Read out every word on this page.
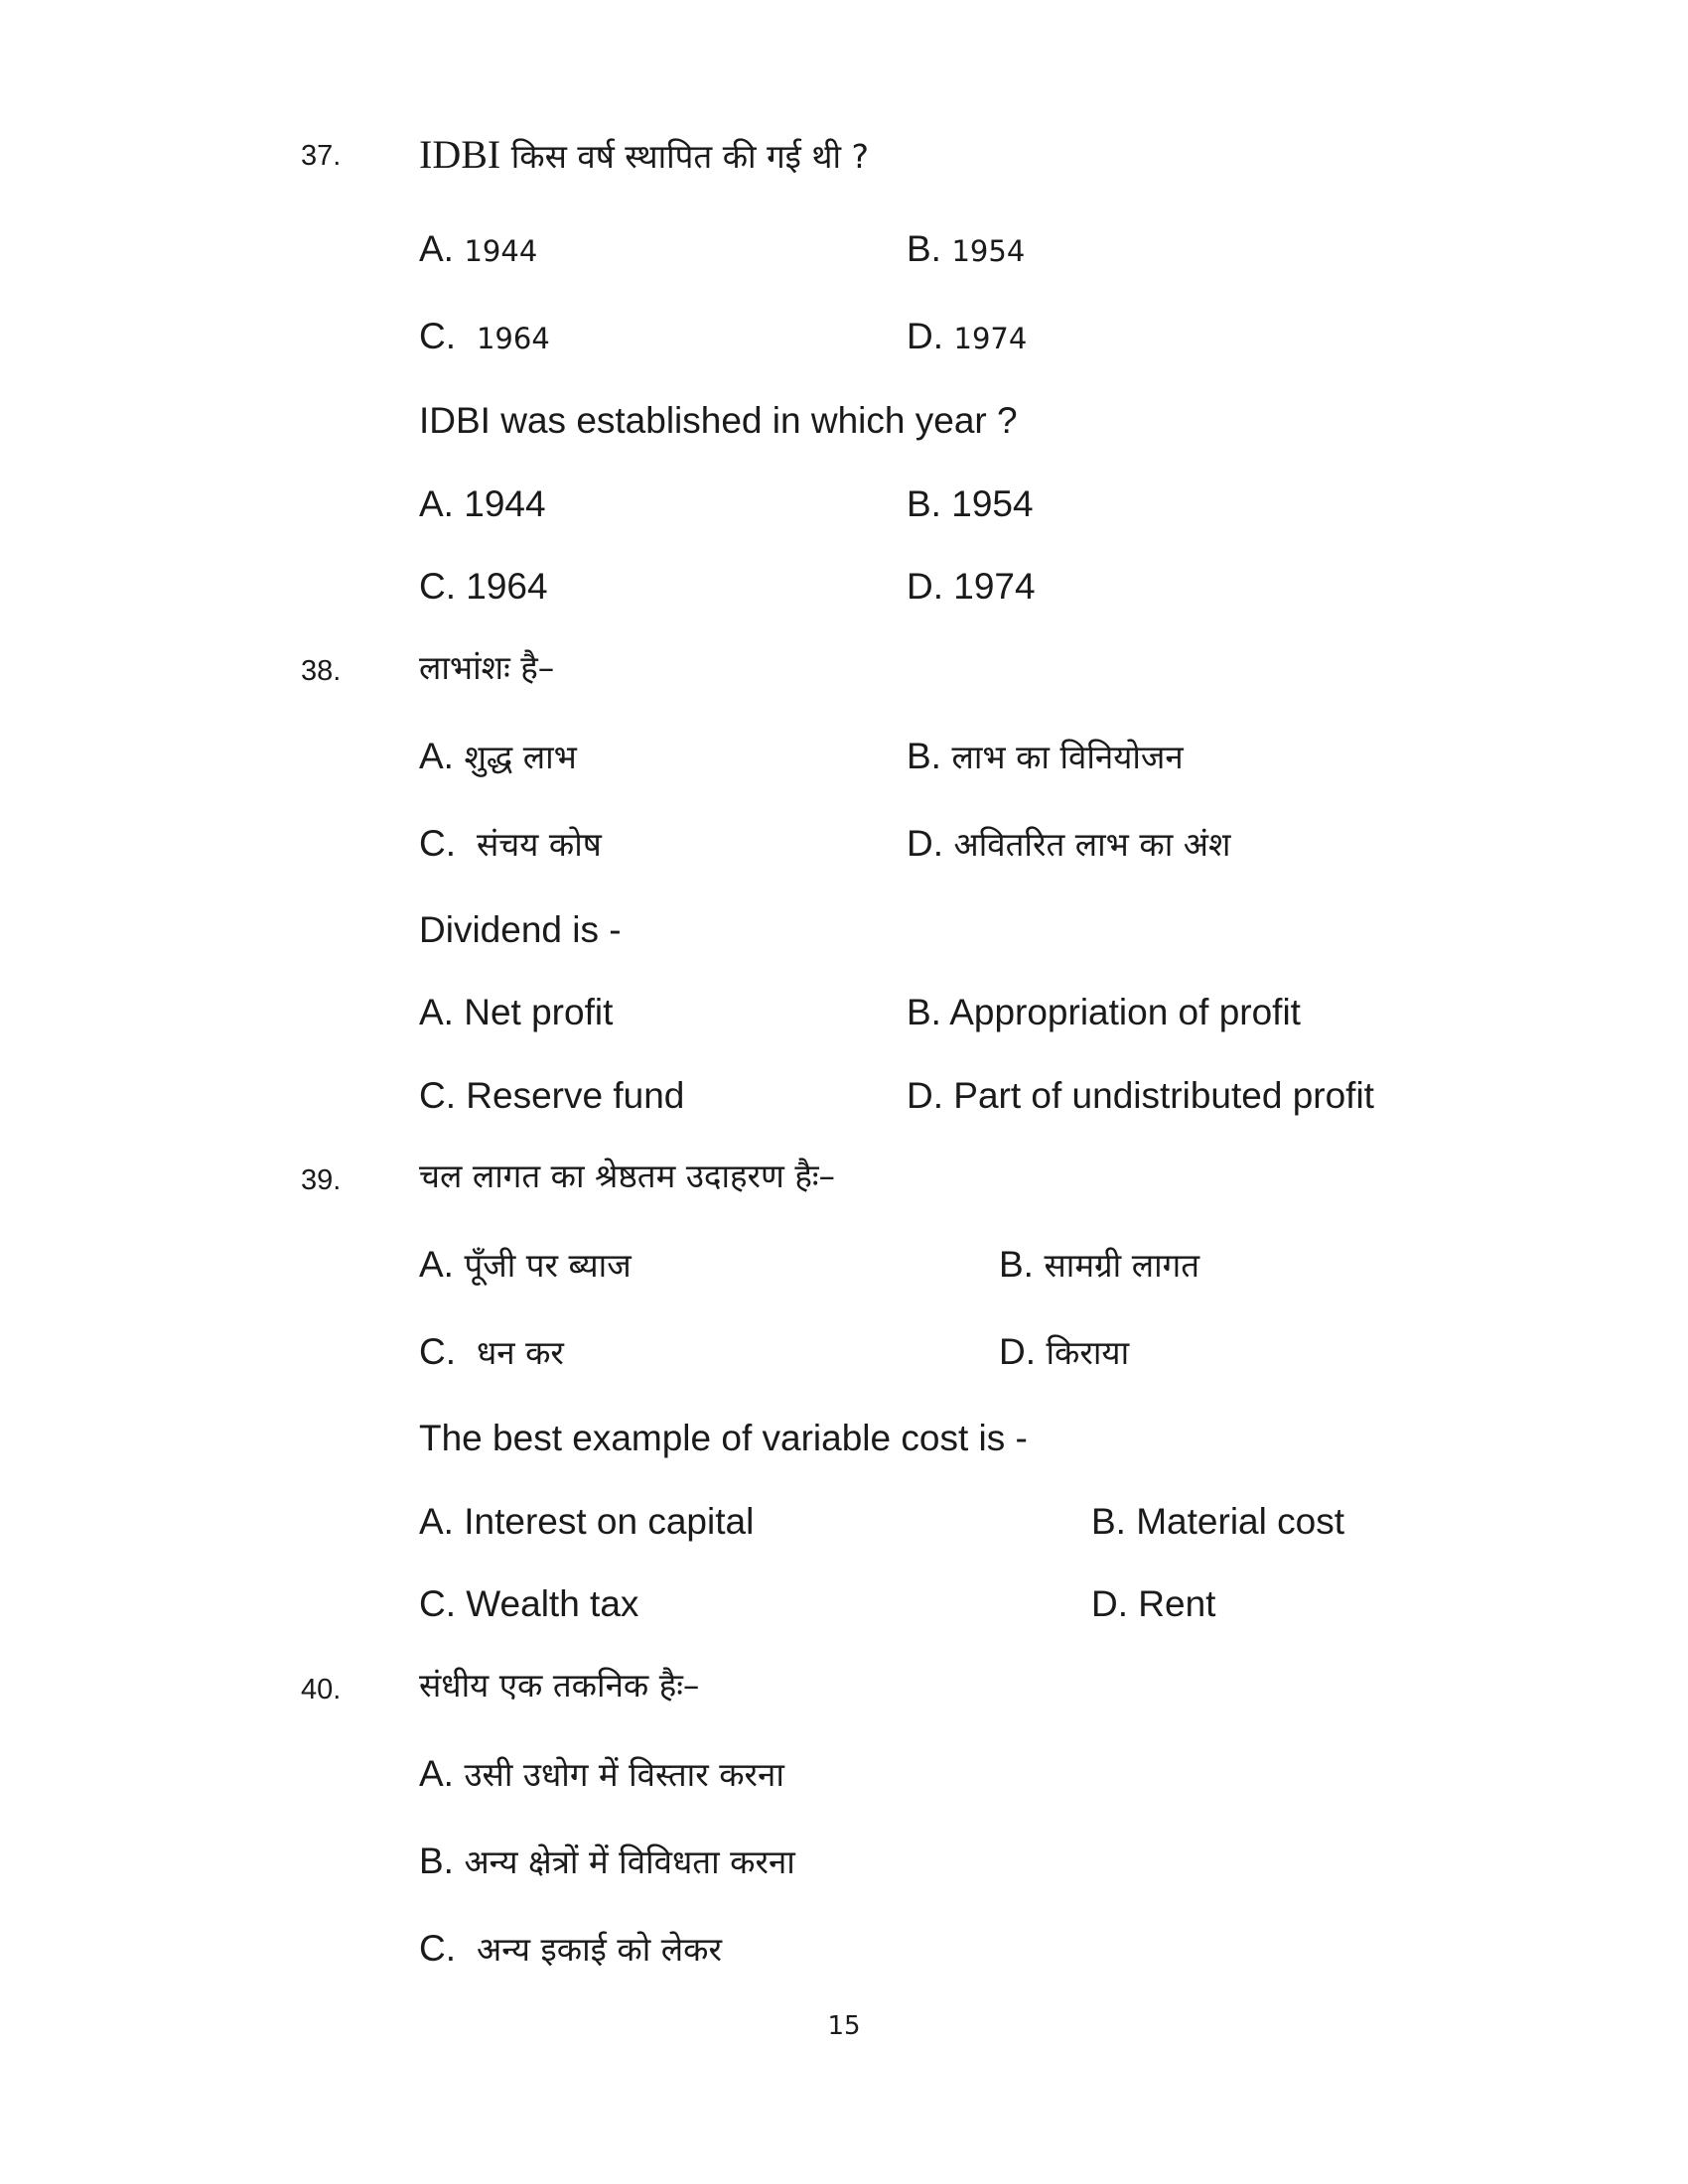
37. IDBI किस वर्ष स्थापित की गई थी ?
A. 1944	B. 1954
C. 1964	D. 1974
IDBI was established in which year ?
A. 1944	B. 1954
C. 1964	D. 1974
38. लाभांशः है–
A. शुद्ध लाभ	B. लाभ का विनियोजन
C. संचय कोष	D. अवितरित लाभ का अंश
Dividend is -
A. Net profit	B. Appropriation of profit
C. Reserve fund	D. Part of undistributed profit
39. चल लागत का श्रेष्ठतम उदाहरण हैः–
A. पूँजी पर ब्याज	B. सामग्री लागत
C. धन कर	D. किराया
The best example of variable cost is -
A. Interest on capital	B. Material cost
C. Wealth tax	D. Rent
40. संधीय एक तकनिक हैः–
A. उसी उधोग में विस्तार करना
B. अन्य क्षेत्रों में विविधता करना
C. अन्य इकाई को लेकर
15
